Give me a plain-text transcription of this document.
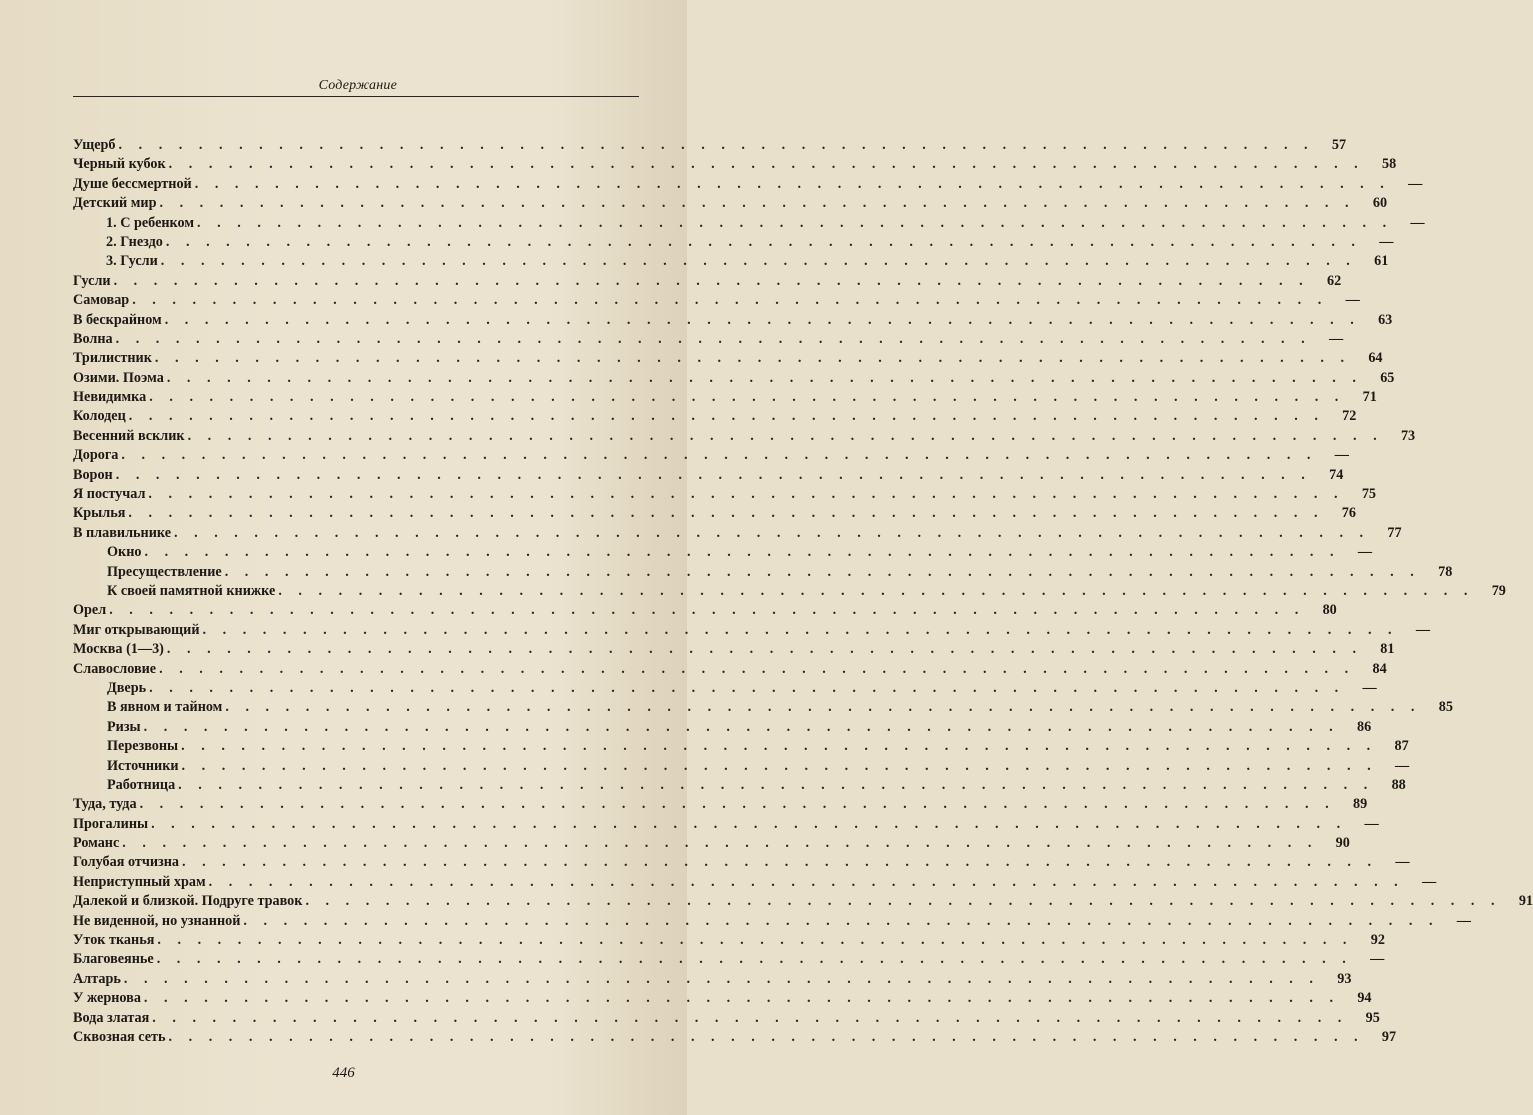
Содержание
Ущерб . . . . . . . . . . . . . . . . . . . . . . . . . . . . . . . . . . . . . . . . . . . . . . . . . . . . . . . . . . . .	57
Черный кубок . . . . . . . . . . . . . . . . . . . . . . . . . . . . . . . . . . . . . . . . . . . . . . . . . . . . . . . . . . . .	58
Душе бессмертной . . . . . . . . . . . . . . . . . . . . . . . . . . . . . . . . . . . . . . . . . . . . . . . . . . . . . . . . . . . .	—
Детский мир . . . . . . . . . . . . . . . . . . . . . . . . . . . . . . . . . . . . . . . . . . . . . . . . . . . . . . . . . . . .	60
1. С ребенком . . . . . . . . . . . . . . . . . . . . . . . . . . . . . . . . . . . . . . . . . . . . . . . . . . . . . . . . . . . .	—
2. Гнездо . . . . . . . . . . . . . . . . . . . . . . . . . . . . . . . . . . . . . . . . . . . . . . . . . . . . . . . . . . . .	—
3. Гусли . . . . . . . . . . . . . . . . . . . . . . . . . . . . . . . . . . . . . . . . . . . . . . . . . . . . . . . . . . . .	61
Гусли . . . . . . . . . . . . . . . . . . . . . . . . . . . . . . . . . . . . . . . . . . . . . . . . . . . . . . . . . . . .	62
Самовар . . . . . . . . . . . . . . . . . . . . . . . . . . . . . . . . . . . . . . . . . . . . . . . . . . . . . . . . . . . .	—
В бескрайном . . . . . . . . . . . . . . . . . . . . . . . . . . . . . . . . . . . . . . . . . . . . . . . . . . . . . . . . . . . .	63
Волна . . . . . . . . . . . . . . . . . . . . . . . . . . . . . . . . . . . . . . . . . . . . . . . . . . . . . . . . . . . .	—
Трилистник . . . . . . . . . . . . . . . . . . . . . . . . . . . . . . . . . . . . . . . . . . . . . . . . . . . . . . . . . . . .	64
Озими. Поэма . . . . . . . . . . . . . . . . . . . . . . . . . . . . . . . . . . . . . . . . . . . . . . . . . . . . . . . . . . . .	65
Невидимка . . . . . . . . . . . . . . . . . . . . . . . . . . . . . . . . . . . . . . . . . . . . . . . . . . . . . . . . . . . .	71
Колодец . . . . . . . . . . . . . . . . . . . . . . . . . . . . . . . . . . . . . . . . . . . . . . . . . . . . . . . . . . . .	72
Весенний всклик . . . . . . . . . . . . . . . . . . . . . . . . . . . . . . . . . . . . . . . . . . . . . . . . . . . . . . . . . . . .	73
Дорога . . . . . . . . . . . . . . . . . . . . . . . . . . . . . . . . . . . . . . . . . . . . . . . . . . . . . . . . . . . .	—
Ворон . . . . . . . . . . . . . . . . . . . . . . . . . . . . . . . . . . . . . . . . . . . . . . . . . . . . . . . . . . . .	74
Я постучал . . . . . . . . . . . . . . . . . . . . . . . . . . . . . . . . . . . . . . . . . . . . . . . . . . . . . . . . . . . .	75
Крылья . . . . . . . . . . . . . . . . . . . . . . . . . . . . . . . . . . . . . . . . . . . . . . . . . . . . . . . . . . . .	76
В плавильнике . . . . . . . . . . . . . . . . . . . . . . . . . . . . . . . . . . . . . . . . . . . . . . . . . . . . . . . . . . . .	77
Окно . . . . . . . . . . . . . . . . . . . . . . . . . . . . . . . . . . . . . . . . . . . . . . . . . . . . . . . . . . . .	—
Пресуществление . . . . . . . . . . . . . . . . . . . . . . . . . . . . . . . . . . . . . . . . . . . . . . . . . . . . . . . . . . . .	78
К своей памятной книжке . . . . . . . . . . . . . . . . . . . . . . . . . . . . . . . . . . . . . . . . . . . . . . . . . . . . . . . . . . . .	79
Орел . . . . . . . . . . . . . . . . . . . . . . . . . . . . . . . . . . . . . . . . . . . . . . . . . . . . . . . . . . . .	80
Миг открывающий . . . . . . . . . . . . . . . . . . . . . . . . . . . . . . . . . . . . . . . . . . . . . . . . . . . . . . . . . . . .	—
Москва (1—3) . . . . . . . . . . . . . . . . . . . . . . . . . . . . . . . . . . . . . . . . . . . . . . . . . . . . . . . . . . . .	81
Славословие . . . . . . . . . . . . . . . . . . . . . . . . . . . . . . . . . . . . . . . . . . . . . . . . . . . . . . . . . . . .	84
Дверь . . . . . . . . . . . . . . . . . . . . . . . . . . . . . . . . . . . . . . . . . . . . . . . . . . . . . . . . . . . .	—
В явном и тайном . . . . . . . . . . . . . . . . . . . . . . . . . . . . . . . . . . . . . . . . . . . . . . . . . . . . . . . . . . . .	85
Ризы . . . . . . . . . . . . . . . . . . . . . . . . . . . . . . . . . . . . . . . . . . . . . . . . . . . . . . . . . . . .	86
Перезвоны . . . . . . . . . . . . . . . . . . . . . . . . . . . . . . . . . . . . . . . . . . . . . . . . . . . . . . . . . . . .	87
Источники . . . . . . . . . . . . . . . . . . . . . . . . . . . . . . . . . . . . . . . . . . . . . . . . . . . . . . . . . . . .	—
Работница . . . . . . . . . . . . . . . . . . . . . . . . . . . . . . . . . . . . . . . . . . . . . . . . . . . . . . . . . . . .	88
Туда, туда . . . . . . . . . . . . . . . . . . . . . . . . . . . . . . . . . . . . . . . . . . . . . . . . . . . . . . . . . . . .	89
Прогалины . . . . . . . . . . . . . . . . . . . . . . . . . . . . . . . . . . . . . . . . . . . . . . . . . . . . . . . . . . . .	—
Романс . . . . . . . . . . . . . . . . . . . . . . . . . . . . . . . . . . . . . . . . . . . . . . . . . . . . . . . . . . . .	90
Голубая отчизна . . . . . . . . . . . . . . . . . . . . . . . . . . . . . . . . . . . . . . . . . . . . . . . . . . . . . . . . . . . .	—
Неприступный храм . . . . . . . . . . . . . . . . . . . . . . . . . . . . . . . . . . . . . . . . . . . . . . . . . . . . . . . . . . . .	—
Далекой и близкой. Подруге травок . . . . . . . . . . . . . . . . . . . . . . . . . . . . . . . . . . . . . . . . . . . . . . . . . . . . . . . . . . . .	91
Не виденной, но узнанной . . . . . . . . . . . . . . . . . . . . . . . . . . . . . . . . . . . . . . . . . . . . . . . . . . . . . . . . . . . .	—
Уток тканья . . . . . . . . . . . . . . . . . . . . . . . . . . . . . . . . . . . . . . . . . . . . . . . . . . . . . . . . . . . .	92
Благовеянье . . . . . . . . . . . . . . . . . . . . . . . . . . . . . . . . . . . . . . . . . . . . . . . . . . . . . . . . . . . .	—
Алтарь . . . . . . . . . . . . . . . . . . . . . . . . . . . . . . . . . . . . . . . . . . . . . . . . . . . . . . . . . . . .	93
У жернова . . . . . . . . . . . . . . . . . . . . . . . . . . . . . . . . . . . . . . . . . . . . . . . . . . . . . . . . . . . .	94
Вода златая . . . . . . . . . . . . . . . . . . . . . . . . . . . . . . . . . . . . . . . . . . . . . . . . . . . . . . . . . . . .	95
Сквозная сеть . . . . . . . . . . . . . . . . . . . . . . . . . . . . . . . . . . . . . . . . . . . . . . . . . . . . . . . . . . . .	97
446
